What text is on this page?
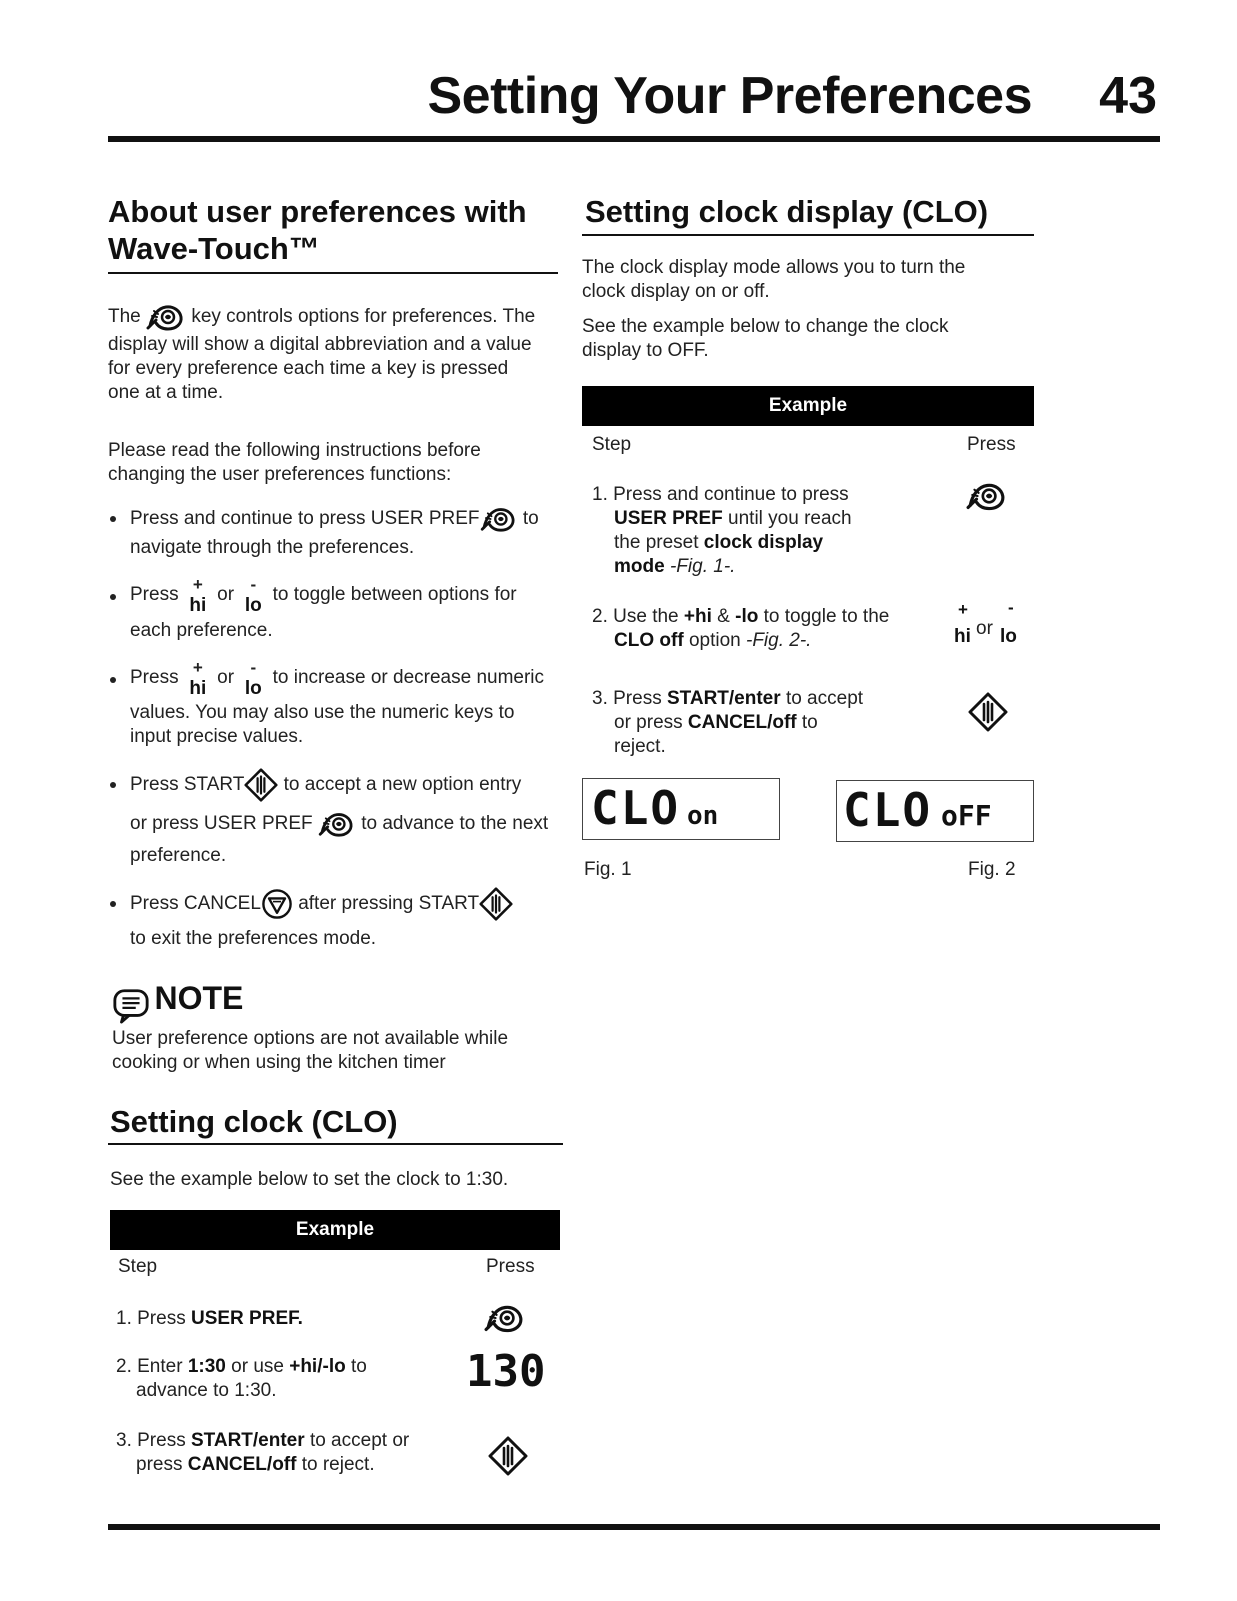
Setting Your Preferences 43
About user preferences with
Wave-Touch™
The	key controls options for preferences. The
display will show a digital abbreviation and a value
for every preference each time a key is pressed
one at a time.
Please read the following instructions before
changing the user preferences functions:
Press and continue to press USER PREF to
navigate through the preferences.
Press +
hi
or -
lo
to toggle between options for
each preference.
Press +
hi
or -
lo
to increase or decrease numeric
values. You may also use the numeric keys to
input precise values.
Press START to accept a new option entry
or press USER PREF	to advance to the next
preference.
Press CANCEL after pressing START
to exit the preferences mode.
NOTE
User preference options are not available while
cooking or when using the kitchen timer
Setting clock (CLO)
See the example below to set the clock to 1:30.
Example
Step	Press
1. Press USER PREF.
2. Enter 1:30 or use +hi/-lo to
advance to 1:30.	130
3. Press START/enter to accept or
press CANCEL/off to reject.
Setting clock display (CLO)
The clock display mode allows you to turn the
clock display on or off.
See the example below to change the clock
display to OFF.
Example
Step	Press
1. Press and continue to press
USER PREF until you reach
the preset clock display
mode -Fig. 1-.
2. Use the +hi & -lo to toggle to the
CLO off option -Fig. 2-.
+ -
hi or lo
3. Press START/enter to accept
or press CANCEL/off to
reject.
CLO on	CLO oFF
Fig. 1	Fig. 2
